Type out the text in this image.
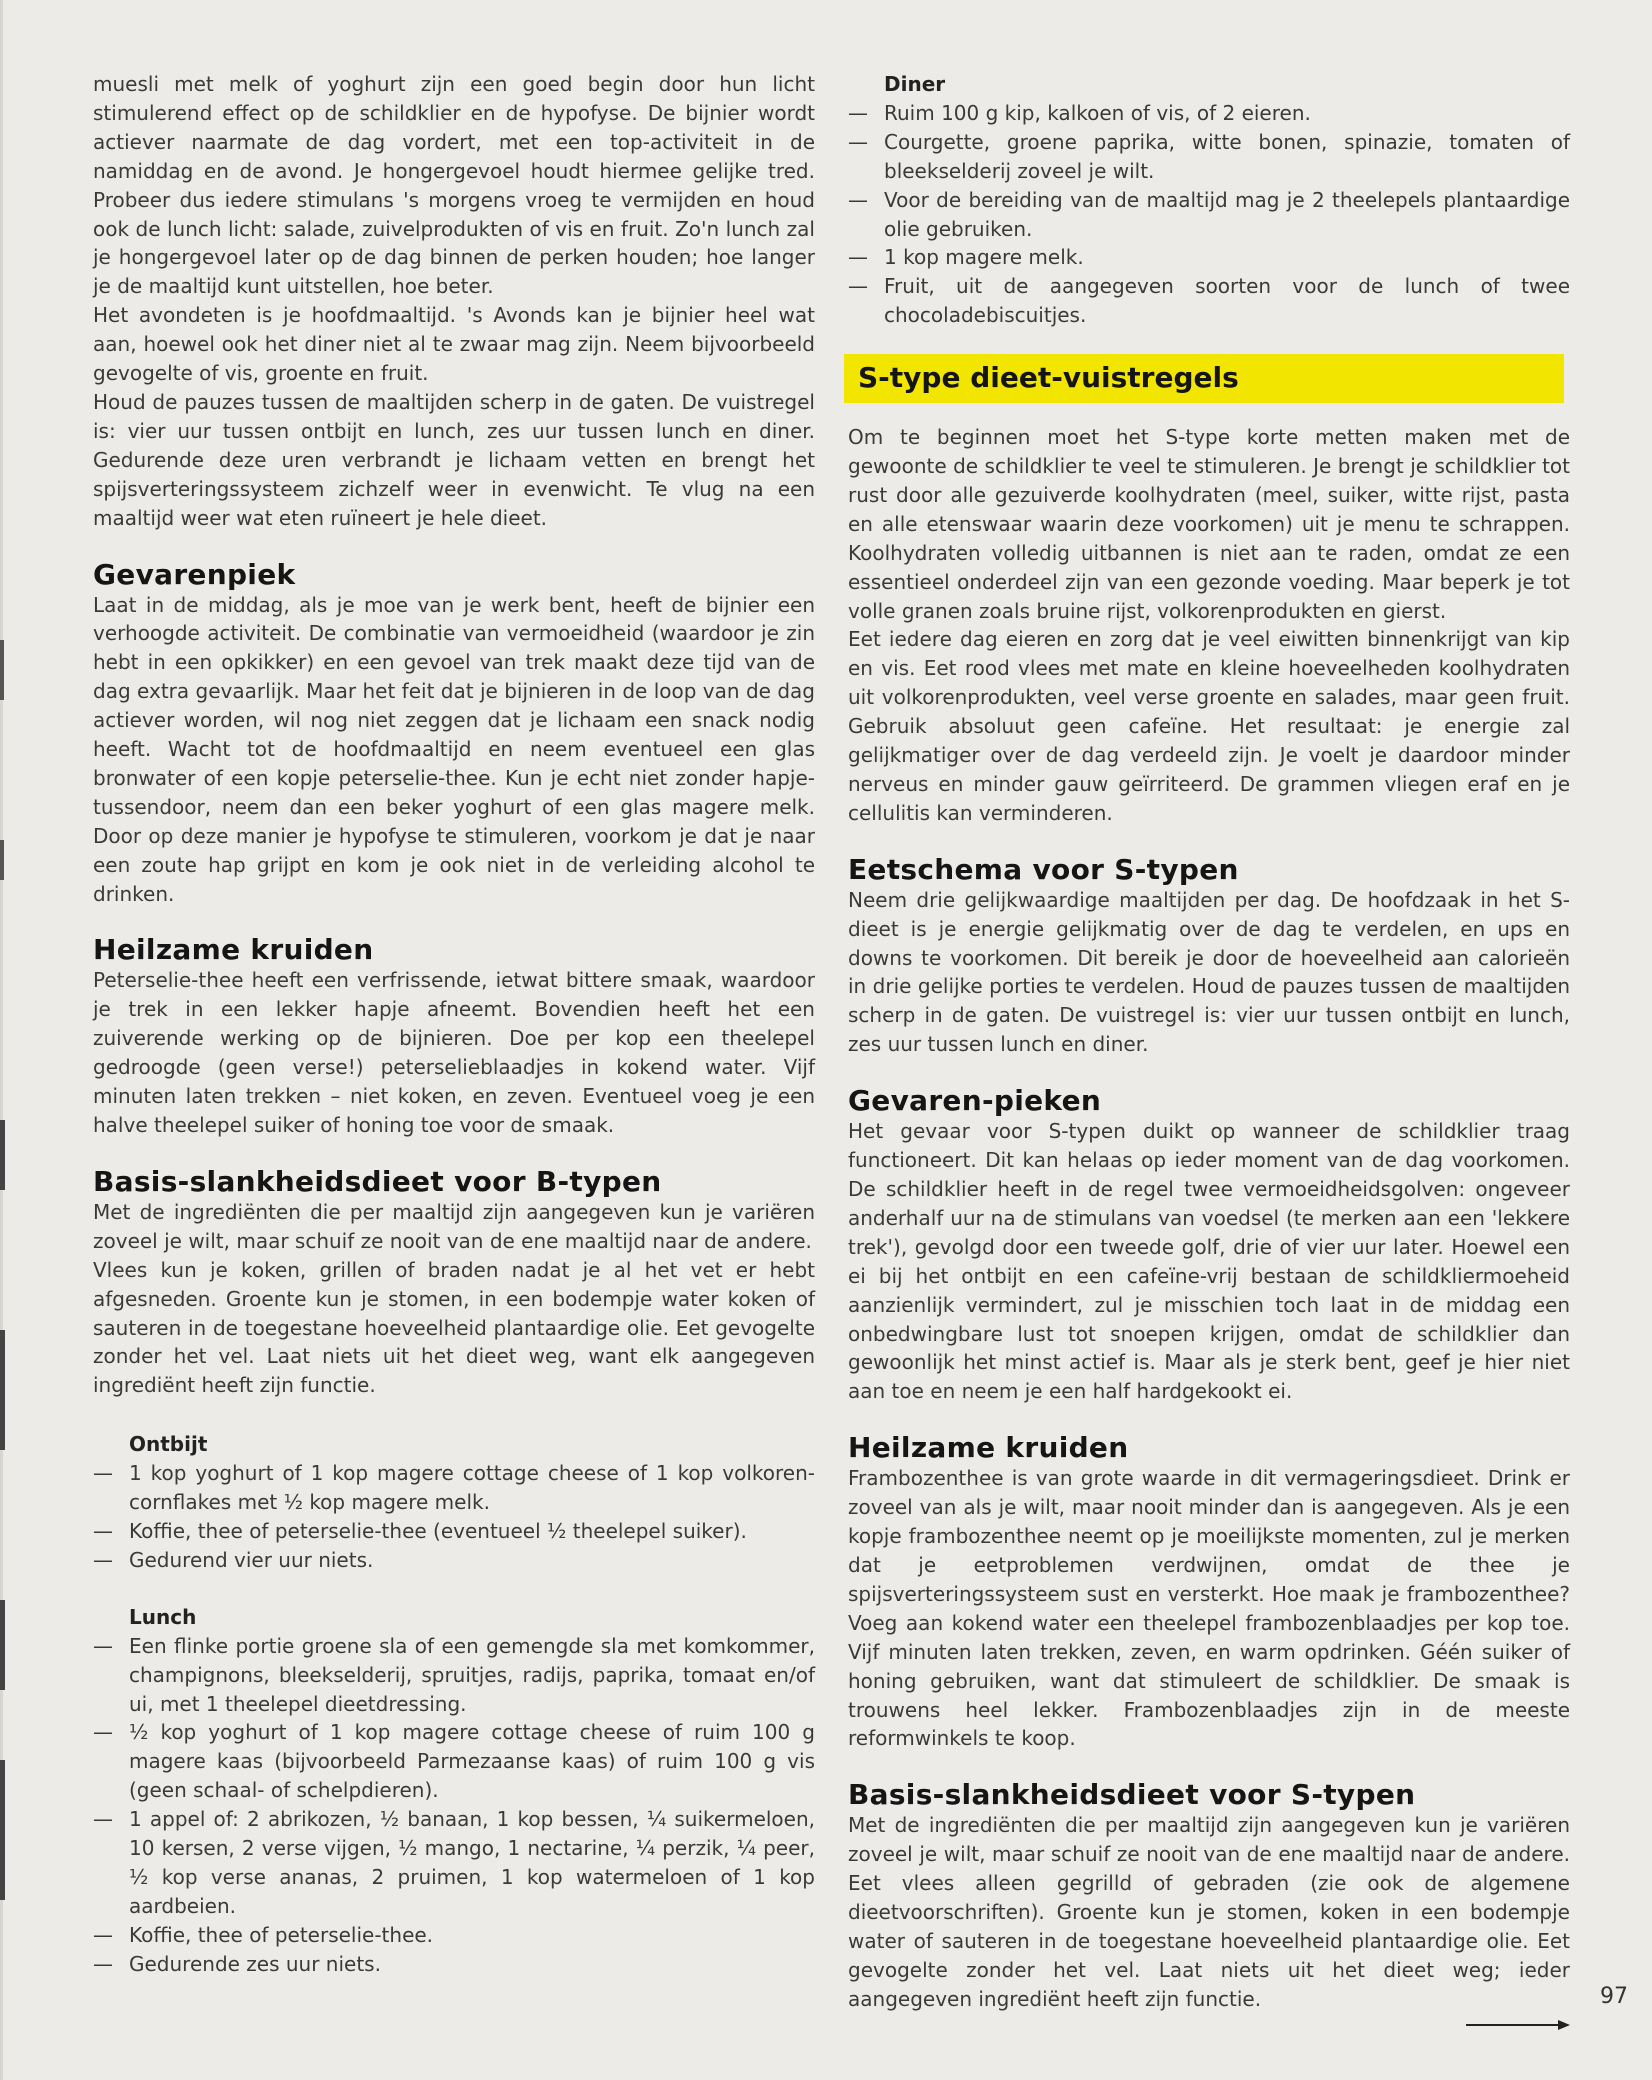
muesli met melk of yoghurt zijn een goed begin door hun licht stimulerend effect op de schildklier en de hypofyse. De bijnier wordt actiever naarmate de dag vordert, met een top-activiteit in de namiddag en de avond. Je hongergevoel houdt hiermee gelijke tred. Probeer dus iedere stimulans 's morgens vroeg te vermijden en houd ook de lunch licht: salade, zuivelprodukten of vis en fruit. Zo'n lunch zal je hongergevoel later op de dag binnen de perken houden; hoe langer je de maaltijd kunt uitstellen, hoe beter.

Het avondeten is je hoofdmaaltijd. 's Avonds kan je bijnier heel wat aan, hoewel ook het diner niet al te zwaar mag zijn. Neem bijvoorbeeld gevogelte of vis, groente en fruit.

Houd de pauzes tussen de maaltijden scherp in de gaten. De vuistregel is: vier uur tussen ontbijt en lunch, zes uur tussen lunch en diner. Gedurende deze uren verbrandt je lichaam vetten en brengt het spijsverteringssysteem zichzelf weer in evenwicht. Te vlug na een maaltijd weer wat eten ruïneert je hele dieet.

Gevarenpiek

Laat in de middag, als je moe van je werk bent, heeft de bijnier een verhoogde activiteit. De combinatie van vermoeidheid (waardoor je zin hebt in een opkikker) en een gevoel van trek maakt deze tijd van de dag extra gevaarlijk. Maar het feit dat je bijnieren in de loop van de dag actiever worden, wil nog niet zeggen dat je lichaam een snack nodig heeft. Wacht tot de hoofdmaaltijd en neem eventueel een glas bronwater of een kopje peterselie-thee. Kun je echt niet zonder hapje-tussendoor, neem dan een beker yoghurt of een glas magere melk. Door op deze manier je hypofyse te stimuleren, voorkom je dat je naar een zoute hap grijpt en kom je ook niet in de verleiding alcohol te drinken.

Heilzame kruiden

Peterselie-thee heeft een verfrissende, ietwat bittere smaak, waardoor je trek in een lekker hapje afneemt. Bovendien heeft het een zuiverende werking op de bijnieren. Doe per kop een theelepel gedroogde (geen verse!) peterselieblaadjes in kokend water. Vijf minuten laten trekken – niet koken, en zeven. Eventueel voeg je een halve theelepel suiker of honing toe voor de smaak.

Basis-slankheidsdieet voor B-typen

Met de ingrediënten die per maaltijd zijn aangegeven kun je variëren zoveel je wilt, maar schuif ze nooit van de ene maaltijd naar de andere.

Vlees kun je koken, grillen of braden nadat je al het vet er hebt afgesneden. Groente kun je stomen, in een bodempje water koken of sauteren in de toegestane hoeveelheid plantaardige olie. Eet gevogelte zonder het vel. Laat niets uit het dieet weg, want elk aangegeven ingrediënt heeft zijn functie.

Ontbijt
— 1 kop yoghurt of 1 kop magere cottage cheese of 1 kop volkoren-cornflakes met ½ kop magere melk.
— Koffie, thee of peterselie-thee (eventueel ½ theelepel suiker).
— Gedurend vier uur niets.
Lunch
— Een flinke portie groene sla of een gemengde sla met komkommer, champignons, bleekselderij, spruitjes, radijs, paprika, tomaat en/of ui, met 1 theelepel dieetdressing.
— ½ kop yoghurt of 1 kop magere cottage cheese of ruim 100 g magere kaas (bijvoorbeeld Parmezaanse kaas) of ruim 100 g vis (geen schaal- of schelpdieren).
— 1 appel of: 2 abrikozen, ½ banaan, 1 kop bessen, ¼ suikermeloen, 10 kersen, 2 verse vijgen, ½ mango, 1 nectarine, ¼ perzik, ¼ peer, ½ kop verse ananas, 2 pruimen, 1 kop watermeloen of 1 kop aardbeien.
— Koffie, thee of peterselie-thee.
— Gedurende zes uur niets.
Diner
— Ruim 100 g kip, kalkoen of vis, of 2 eieren.
— Courgette, groene paprika, witte bonen, spinazie, tomaten of bleekselderij zoveel je wilt.
— Voor de bereiding van de maaltijd mag je 2 theelepels plantaardige olie gebruiken.
— 1 kop magere melk.
— Fruit, uit de aangegeven soorten voor de lunch of twee chocoladebiscuitjes.
S-type dieet-vuistregels

Om te beginnen moet het S-type korte metten maken met de gewoonte de schildklier te veel te stimuleren. Je brengt je schildklier tot rust door alle gezuiverde koolhydraten (meel, suiker, witte rijst, pasta en alle etenswaar waarin deze voorkomen) uit je menu te schrappen. Koolhydraten volledig uitbannen is niet aan te raden, omdat ze een essentieel onderdeel zijn van een gezonde voeding. Maar beperk je tot volle granen zoals bruine rijst, volkorenprodukten en gierst.

Eet iedere dag eieren en zorg dat je veel eiwitten binnenkrijgt van kip en vis. Eet rood vlees met mate en kleine hoeveelheden koolhydraten uit volkorenprodukten, veel verse groente en salades, maar geen fruit. Gebruik absoluut geen cafeïne. Het resultaat: je energie zal gelijkmatiger over de dag verdeeld zijn. Je voelt je daardoor minder nerveus en minder gauw geïrriteerd. De grammen vliegen eraf en je cellulitis kan verminderen.

Eetschema voor S-typen

Neem drie gelijkwaardige maaltijden per dag. De hoofdzaak in het S-dieet is je energie gelijkmatig over de dag te verdelen, en ups en downs te voorkomen. Dit bereik je door de hoeveelheid aan calorieën in drie gelijke porties te verdelen. Houd de pauzes tussen de maaltijden scherp in de gaten. De vuistregel is: vier uur tussen ontbijt en lunch, zes uur tussen lunch en diner.

Gevaren-pieken

Het gevaar voor S-typen duikt op wanneer de schildklier traag functioneert. Dit kan helaas op ieder moment van de dag voorkomen. De schildklier heeft in de regel twee vermoeidheidsgolven: ongeveer anderhalf uur na de stimulans van voedsel (te merken aan een 'lekkere trek'), gevolgd door een tweede golf, drie of vier uur later. Hoewel een ei bij het ontbijt en een cafeïne-vrij bestaan de schildkliermoeheid aanzienlijk vermindert, zul je misschien toch laat in de middag een onbedwingbare lust tot snoepen krijgen, omdat de schildklier dan gewoonlijk het minst actief is. Maar als je sterk bent, geef je hier niet aan toe en neem je een half hardgekookt ei.

Heilzame kruiden

Frambozenthee is van grote waarde in dit vermageringsdieet. Drink er zoveel van als je wilt, maar nooit minder dan is aangegeven. Als je een kopje frambozenthee neemt op je moeilijkste momenten, zul je merken dat je eetproblemen verdwijnen, omdat de thee je spijsverteringssysteem sust en versterkt. Hoe maak je frambozenthee? Voeg aan kokend water een theelepel frambozenblaadjes per kop toe. Vijf minuten laten trekken, zeven, en warm opdrinken. Géén suiker of honing gebruiken, want dat stimuleert de schildklier. De smaak is trouwens heel lekker. Frambozenblaadjes zijn in de meeste reformwinkels te koop.

Basis-slankheidsdieet voor S-typen

Met de ingrediënten die per maaltijd zijn aangegeven kun je variëren zoveel je wilt, maar schuif ze nooit van de ene maaltijd naar de andere. Eet vlees alleen gegrilld of gebraden (zie ook de algemene dieetvoorschriften). Groente kun je stomen, koken in een bodempje water of sauteren in de toegestane hoeveelheid plantaardige olie. Eet gevogelte zonder het vel. Laat niets uit het dieet weg; ieder aangegeven ingrediënt heeft zijn functie.	97
